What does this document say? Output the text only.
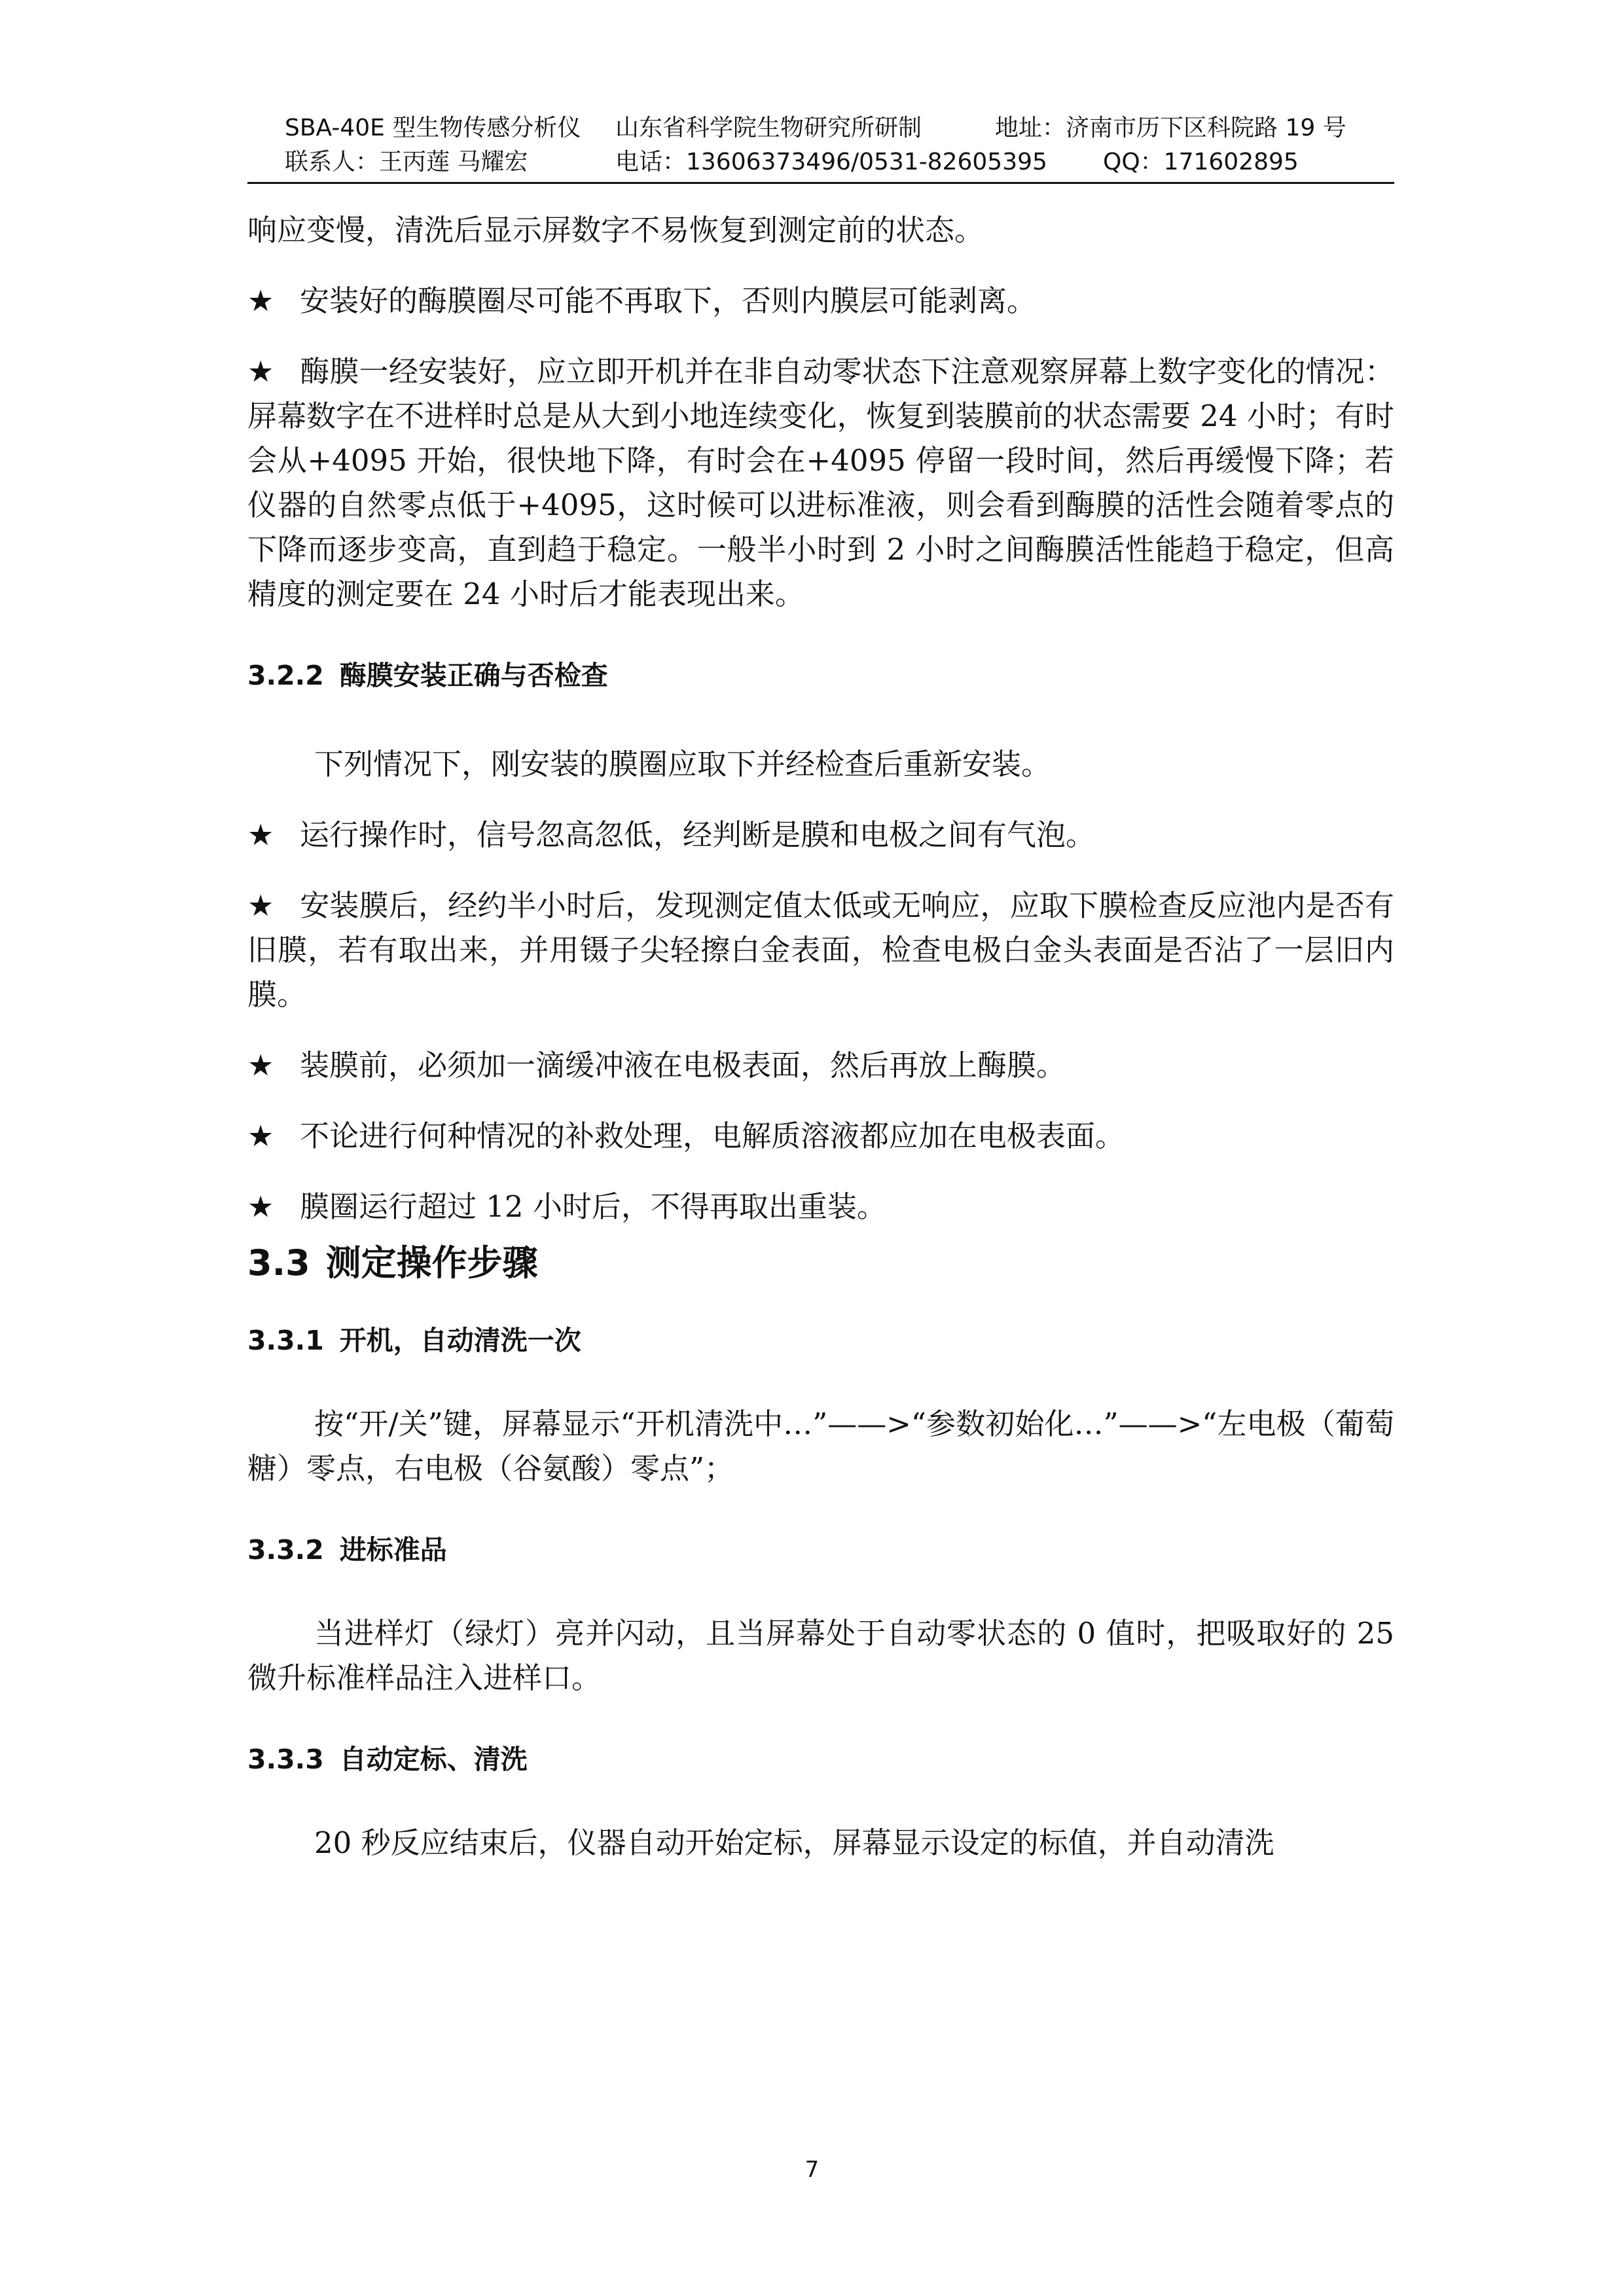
SBA-40E 型生物传感分析仪 山东省科学院生物研究所研制	地址：济南市历下区科院路 19 号
联系人：王丙莲 马耀宏	电话：13606373496/0531-82605395 QQ：171602895

响应变慢，清洗后显示屏数字不易恢复到测定前的状态。

★ 安装好的酶膜圈尽可能不再取下，否则内膜层可能剥离。

★ 酶膜一经安装好，应立即开机并在非自动零状态下注意观察屏幕上数字变化的情况：屏幕数字在不进样时总是从大到小地连续变化，恢复到装膜前的状态需要 24 小时；有时会从+4095 开始，很快地下降，有时会在+4095 停留一段时间，然后再缓慢下降；若仪器的自然零点低于+4095，这时候可以进标准液，则会看到酶膜的活性会随着零点的下降而逐步变高，直到趋于稳定。一般半小时到 2 小时之间酶膜活性能趋于稳定，但高精度的测定要在 24 小时后才能表现出来。

3.2.2 酶膜安装正确与否检查

下列情况下，刚安装的膜圈应取下并经检查后重新安装。

★ 运行操作时，信号忽高忽低，经判断是膜和电极之间有气泡。

★ 安装膜后，经约半小时后，发现测定值太低或无响应，应取下膜检查反应池内是否有旧膜，若有取出来，并用镊子尖轻擦白金表面，检查电极白金头表面是否沾了一层旧内膜。

★ 装膜前，必须加一滴缓冲液在电极表面，然后再放上酶膜。

★ 不论进行何种情况的补救处理，电解质溶液都应加在电极表面。

★ 膜圈运行超过 12 小时后，不得再取出重装。

3.3 测定操作步骤
3.3.1 开机，自动清洗一次

按“开/关”键，屏幕显示“开机清洗中…”——>“参数初始化…”——>“左电极（葡萄糖）零点，右电极（谷氨酸）零点”；

3.3.2 进标准品

当进样灯（绿灯）亮并闪动，且当屏幕处于自动零状态的 0 值时，把吸取好的 25 微升标准样品注入进样口。

3.3.3 自动定标、清洗

20 秒反应结束后，仪器自动开始定标，屏幕显示设定的标值，并自动清洗

7
